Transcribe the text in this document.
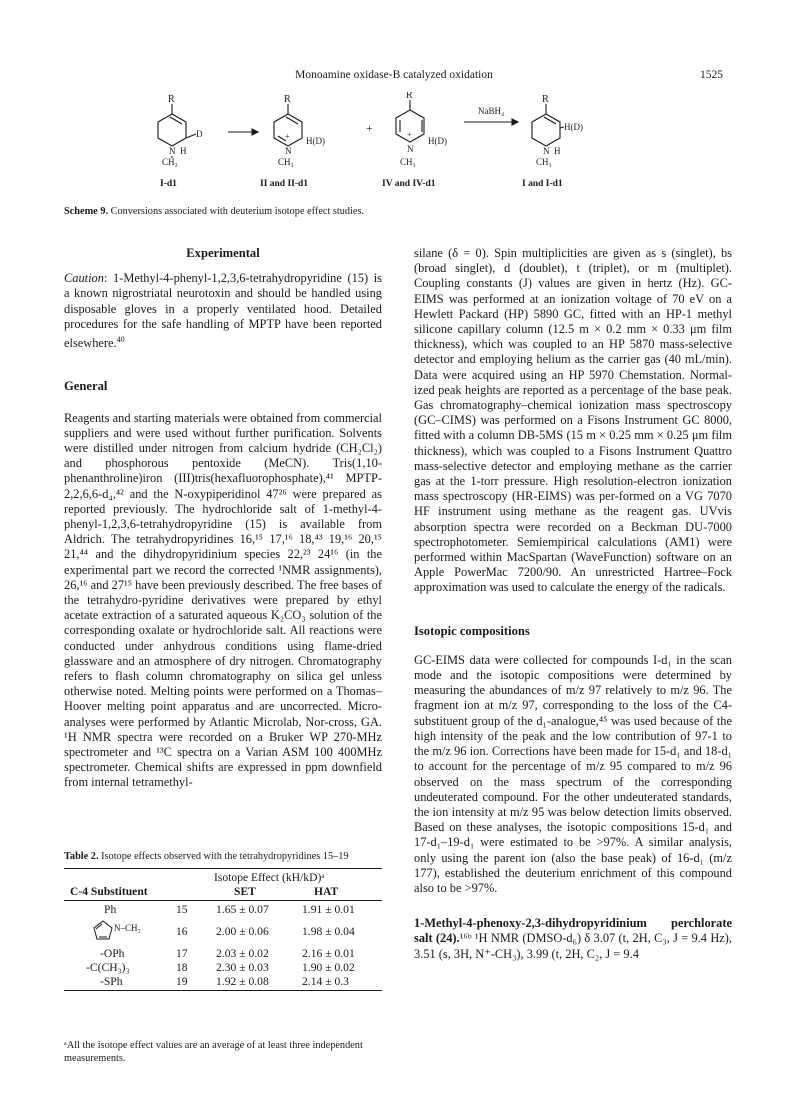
Monoamine oxidase-B catalyzed oxidation	1525
R
D
N H
CH₃
R
+ H(D)
N
CH₃
+
R
+
H(D)
N
CH₃
NaBH₄
R
H(D)
N H
CH₃
I-d1	II and II-d1	IV and IV-d1	I and I-d1
Scheme 9. Conversions associated with deuterium isotope effect studies.

Experimental

Caution: 1-Methyl-4-phenyl-1,2,3,6-tetrahydropyridine (15) is a known nigrostriatal neurotoxin and should be handled using disposable gloves in a properly ventilated hood. Detailed procedures for the safe handling of MPTP have been reported elsewhere.$^{40}$

General

Reagents and starting materials were obtained from commercial suppliers and were used without further purification. Solvents were distilled under nitrogen from calcium hydride (CH₂Cl₂) and phosphorous pentoxide (MeCN). Tris(1,10-phenanthroline)iron (III)tris(hexafluorophosphate),⁴¹ MPTP-2,2,6,6-d₄,⁴² and the N-oxypiperidinol 47²⁶ were prepared as reported previously. The hydrochloride salt of 1-methyl-4-phenyl-1,2,3,6-tetrahydropyridine (15) is available from Aldrich. The tetrahydropyridines 16,¹⁵ 17,¹⁶ 18,⁴³ 19,¹⁶ 20,¹⁵ 21,⁴⁴ and the dihydropyridinium species 22,²³ 24¹⁶ (in the experimental part we record the corrected ¹NMR assignments), 26,¹⁶ and 27¹⁵ have been previously described. The free bases of the tetrahydro-pyridine derivatives were prepared by ethyl acetate extraction of a saturated aqueous K₂CO₃ solution of the corresponding oxalate or hydrochloride salt. All reactions were conducted under anhydrous conditions using flame-dried glassware and an atmosphere of dry nitrogen. Chromatography refers to flash column chromatography on silica gel unless otherwise noted. Melting points were performed on a Thomas–Hoover melting point apparatus and are uncorrected. Micro-analyses were performed by Atlantic Microlab, Nor-cross, GA. ¹H NMR spectra were recorded on a Bruker WP 270-MHz spectrometer and ¹³C spectra on a Varian ASM 100 400MHz spectrometer. Chemical shifts are expressed in ppm downfield from internal tetramethyl-

Table 2. Isotope effects observed with the tetrahydropyridines 15–19
Isotope Effect (kH/kD)ᵃ
C-4 Substituent	SET	HAT
Ph	15 1.65 ± 0.07	1.91 ± 0.01
N–CH₃	16 2.00 ± 0.06	1.98 ± 0.04
-OPh	17 2.03 ± 0.02	2.16 ± 0.01
-C(CH₃)₃	18 2.30 ± 0.03	1.90 ± 0.02
-SPh	19 1.92 ± 0.08	2.14 ± 0.3
ᵃAll the isotope effect values are an average of at least three independent measurements.

silane (δ = 0). Spin multiplicities are given as s (singlet), bs (broad singlet), d (doublet), t (triplet), or m (multiplet). Coupling constants (J) values are given in hertz (Hz). GC-EIMS was performed at an ionization voltage of 70 eV on a Hewlett Packard (HP) 5890 GC, fitted with an HP-1 methyl silicone capillary column (12.5 m × 0.2 mm × 0.33 μm film thickness), which was coupled to an HP 5870 mass-selective detector and employing helium as the carrier gas (40 mL/min). Data were acquired using an HP 5970 Chemstation. Normal-ized peak heights are reported as a percentage of the base peak. Gas chromatography–chemical ionization mass spectroscopy (GC–CIMS) was performed on a Fisons Instrument GC 8000, fitted with a column DB-5MS (15 m × 0.25 mm × 0.25 μm film thickness), which was coupled to a Fisons Instrument Quattro mass-selective detector and employing methane as the carrier gas at the 1-torr pressure. High resolution-electron ionization mass spectroscopy (HR-EIMS) was per-formed on a VG 7070 HF instrument using methane as the reagent gas. UVvis absorption spectra were recorded on a Beckman DU-7000 spectrophotometer. Semiempirical calculations (AM1) were performed within MacSpartan (WaveFunction) software on an Apple PowerMac 7200/90. An unrestricted Hartree–Fock approximation was used to calculate the energy of the radicals.

Isotopic compositions

GC-EIMS data were collected for compounds I-d₁ in the scan mode and the isotopic compositions were determined by measuring the abundances of m/z 97 relatively to m/z 96. The fragment ion at m/z 97, corresponding to the loss of the C4-substituent group of the d₁-analogue,⁴⁵ was used because of the high intensity of the peak and the low contribution of 97-1 to the m/z 96 ion. Corrections have been made for 15-d₁ and 18-d₁ to account for the percentage of m/z 95 compared to m/z 96 observed on the mass spectrum of the corresponding undeuterated compound. For the other undeuterated standards, the ion intensity at m/z 95 was below detection limits observed. Based on these analyses, the isotopic compositions 15-d₁ and 17-d₁–19-d₁ were estimated to be >97%. A similar analysis, only using the parent ion (also the base peak) of 16-d₁ (m/z 177), established the deuterium enrichment of this compound also to be >97%.

1-Methyl-4-phenoxy-2,3-dihydropyridinium perchlorate salt (24).¹⁶ᵇ ¹H NMR (DMSO-d₆) δ 3.07 (t, 2H, C₃, J = 9.4 Hz), 3.51 (s, 3H, N⁺-CH₃), 3.99 (t, 2H, C₂, J = 9.4
